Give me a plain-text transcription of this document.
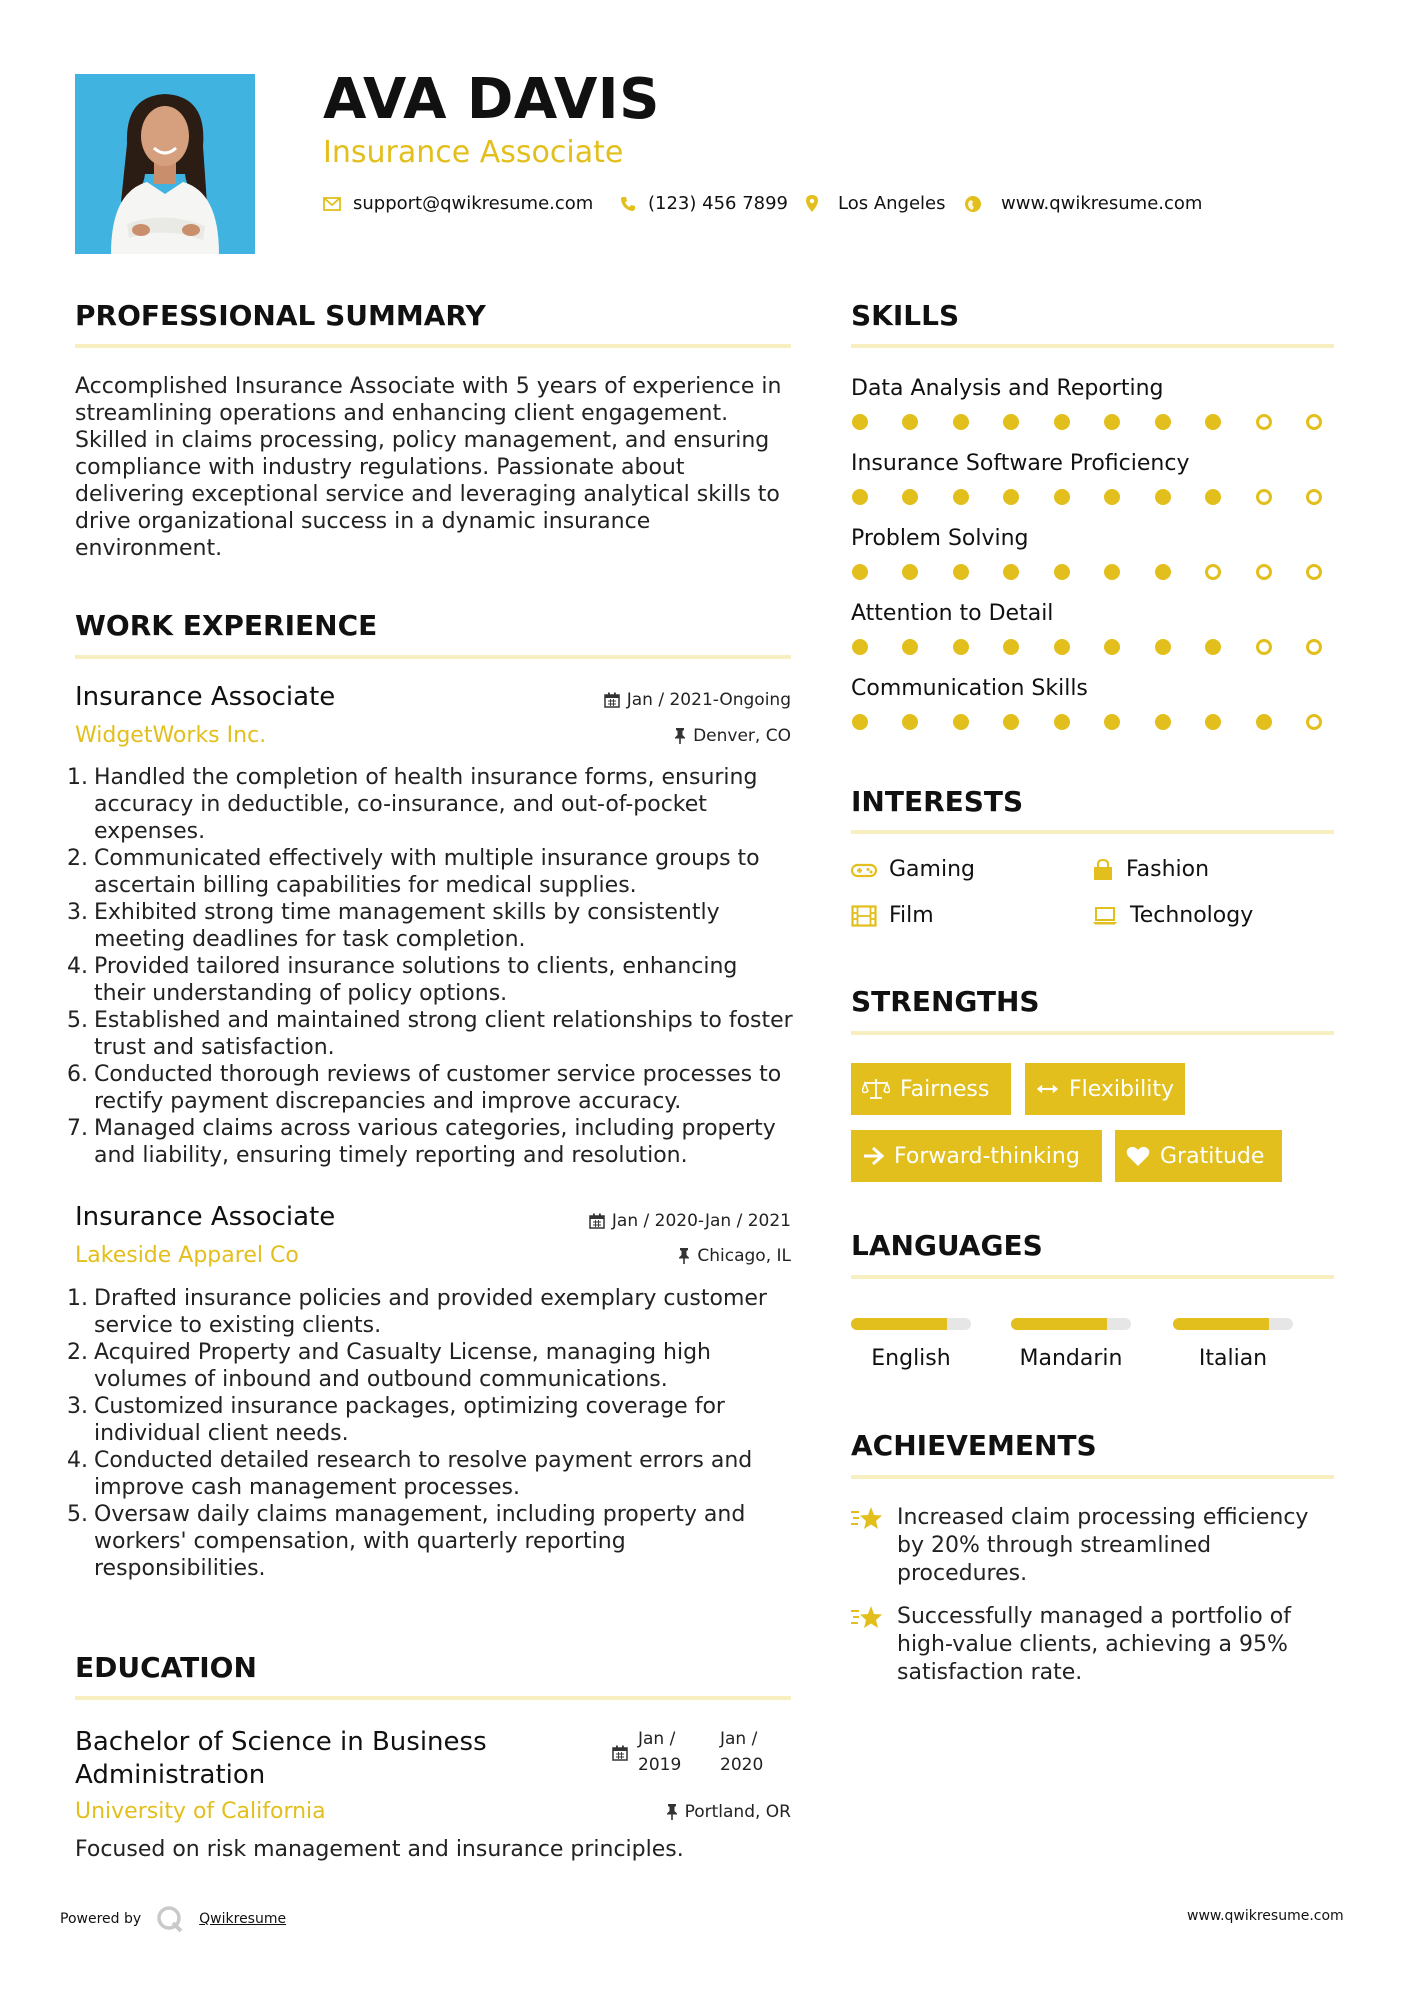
AVA DAVIS
Insurance Associate
support@qwikresume.com	(123) 456 7899	Los Angeles	www.qwikresume.com
PROFESSIONAL SUMMARY
Accomplished Insurance Associate with 5 years of experience in streamlining operations and enhancing client engagement. Skilled in claims processing, policy management, and ensuring compliance with industry regulations. Passionate about delivering exceptional service and leveraging analytical skills to drive organizational success in a dynamic insurance environment.
WORK EXPERIENCE
Insurance Associate	Jan / 2021-Ongoing
WidgetWorks Inc.	Denver, CO
1. Handled the completion of health insurance forms, ensuring accuracy in deductible, co-insurance, and out-of-pocket expenses.
2. Communicated effectively with multiple insurance groups to ascertain billing capabilities for medical supplies.
3. Exhibited strong time management skills by consistently meeting deadlines for task completion.
4. Provided tailored insurance solutions to clients, enhancing their understanding of policy options.
5. Established and maintained strong client relationships to foster trust and satisfaction.
6. Conducted thorough reviews of customer service processes to rectify payment discrepancies and improve accuracy.
7. Managed claims across various categories, including property and liability, ensuring timely reporting and resolution.
Insurance Associate	Jan / 2020-Jan / 2021
Lakeside Apparel Co	Chicago, IL
1. Drafted insurance policies and provided exemplary customer service to existing clients.
2. Acquired Property and Casualty License, managing high volumes of inbound and outbound communications.
3. Customized insurance packages, optimizing coverage for individual client needs.
4. Conducted detailed research to resolve payment errors and improve cash management processes.
5. Oversaw daily claims management, including property and workers' compensation, with quarterly reporting responsibilities.
EDUCATION
Bachelor of Science in Business Administration
Jan / 2019
Jan / 2020
University of California	Portland, OR
Focused on risk management and insurance principles.
SKILLS
Data Analysis and Reporting
Insurance Software Proficiency
Problem Solving
Attention to Detail
Communication Skills
INTERESTS
Gaming	Fashion
Film	Technology
STRENGTHS
Fairness	Flexibility
Forward-thinking	Gratitude
LANGUAGES
English	Mandarin	Italian
ACHIEVEMENTS
Increased claim processing efficiency by 20% through streamlined procedures.
Successfully managed a portfolio of high-value clients, achieving a 95% satisfaction rate.
Powered by	Qwikresume	www.qwikresume.com
